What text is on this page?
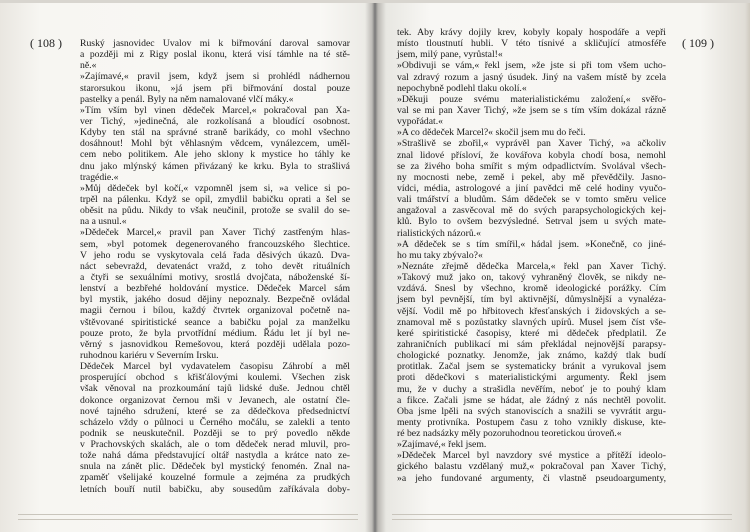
( 108 )	( 109 )
Ruský jasnovidec Uvalov mi k biřmování daroval samovar
a později mi z Rigy poslal ikonu, která visí támhle na té stě-
ně.«
»Zajímavé,« pravil jsem, když jsem si prohlédl nádhernou
starorsukou ikonu, »já jsem při biřmování dostal pouze
pastelky a penál. Byly na něm namalované vlčí máky.«
»Tím vším byl vinen dědeček Marcel,« pokračoval pan Xa-
ver Tichý, »jedinečná, ale rozkolísaná a bloudící osobnost.
Kdyby ten stál na správné straně barikády, co mohl všechno
dosáhnout! Mohl být věhlasným vědcem, vynálezcem, uměl-
cem nebo politikem. Ale jeho sklony k mystice ho táhly ke
dnu jako mlýnský kámen přivázaný ke krku. Byla to strašlivá
tragédie.«
»Můj dědeček byl kočí,« vzpomněl jsem si, »a velice si po-
trpěl na pálenku. Když se opil, zmydlil babičku oprati a šel se
oběsit na půdu. Nikdy to však neučinil, protože se svalil do se-
na a usnul.«
»Dědeček Marcel,« pravil pan Xaver Tichý zastřeným hlas-
sem, »byl potomek degenerovaného francouzského šlechtice.
V jeho rodu se vyskytovala celá řada děsivých úkazů. Dva-
náct sebevražd, devatenáct vražd, z toho devět rituálních
a čtyři se sexuálními motivy, srostlá dvojčata, náboženské ší-
lenství a bezbřehé holdování mystice. Dědeček Marcel sám
byl mystik, jakého dosud dějiny nepoznaly. Bezpečně ovládal
magii černou i bílou, každý čtvrtek organizoval početně na-
vštěvované spiritistické seance a babičku pojal za manželku
pouze proto, že byla prvotřídní médium. Řádu let jí byl ne-
věrný s jasnovidkou Remešovou, která později udělala pozo-
ruhodnou kariéru v Severním Irsku.
Dědeček Marcel byl vydavatelem časopisu Záhrobí a měl
prosperující obchod s křišťálovými koulemi. Všechen zisk
však věnoval na prozkoumání tajů lidské duše. Jednou chtěl
dokonce organizovat černou mši v Jevanech, ale ostatní čle-
nové tajného sdružení, které se za dědečkova předsednictví
scházelo vždy o půlnoci u Černého močálu, se zalekli a tento
podnik se neuskutečnil. Později se to prý povedlo někde
v Prachovských skalách, ale o tom dědeček nerad mluvil, pro-
tože nahá dáma představující oltář nastydla a krátce nato ze-
snula na zánět plic. Dědeček byl mystický fenomén. Znal na-
zpaměť všelijaké kouzelné formule a zejména za prudkých
letních bouří nutil babičku, aby sousedům zaříkávala doby-
tek. Aby krávy dojily krev, kobyly kopaly hospodáře a vepři
místo tloustnutí hubli. V této tísnivé a skličující atmosféře
jsem, milý pane, vyrůstal!«
»Obdivuji se vám,« řekl jsem, »že jste si při tom všem ucho-
val zdravý rozum a jasný úsudek. Jiný na vašem místě by zcela
nepochybně podlehl tlaku okolí.«
»Děkuji pouze svému materialistickému založení,« svěřo-
val se mi pan Xaver Tichý, »že jsem se s tím vším dokázal rázně
vypořádat.«
»A co dědeček Marcel?« skočil jsem mu do řeči.
»Strašlivě se zbořil,« vyprávěl pan Xaver Tichý, »a ačkoliv
znal lidové přísloví, že kovářova kobyla chodí bosa, nemohl
se za živého boha smířit s mým odpadlictvím. Svolával všech-
ny mocnosti nebe, země i pekel, aby mě převědčily. Jasno-
vídci, média, astrologové a jiní pavědci mě celé hodiny vyučo-
vali tmářství a bludům. Sám dědeček se v tomto směru velice
angažoval a zasvěcoval mě do svých parapsychologických kej-
klů. Bylo to ovšem bezvýsledné. Setrval jsem u svých mate-
rialistických názorů.«
»A dědeček se s tím smířil,« hádal jsem. »Konečně, co jiné-
ho mu taky zbývalo?«
»Neznáte zřejmě dědečka Marcela,« řekl pan Xaver Tichý.
»Takový muž jako on, takový vyhraněný člověk, se nikdy ne-
vzdává. Snesl by všechno, kromě ideologické porážky. Cím
jsem byl pevnější, tím byl aktivnější, důmyslnější a vynaléza-
vější. Vodil mě po hřbitovech křesťanských i židovských a se-
znamoval mě s pozůstatky slavných upírů. Musel jsem číst vše-
keré spiritistické časopisy, které mi dědeček předplatil. Ze
zahraničních publikací mi sám překládal nejnovější parapsy-
chologické poznatky. Jenomže, jak známo, každý tlak budí
protitlak. Začal jsem se systematicky bránit a vyrukoval jsem
proti dědečkovi s materialistickými argumenty. Řekl jsem
mu, že v duchy a strašidla nevěřím, neboť je to pouhý klam
a fikce. Začali jsme se hádat, ale žádný z nás nechtěl povolit.
Oba jsme lpěli na svých stanoviscích a snažili se vyvrátit argu-
menty protivníka. Postupem času z toho vznikly diskuse, kte-
ré bez nadsázky měly pozoruhodnou teoretickou úroveň.«
»Zajímavé,« řekl jsem.
»Dědeček Marcel byl navzdory své mystice a přítěží ideolo-
gického balastu vzdělaný muž,« pokračoval pan Xaver Tichý,
»a jeho fundované argumenty, či vlastně pseudoargumenty,
